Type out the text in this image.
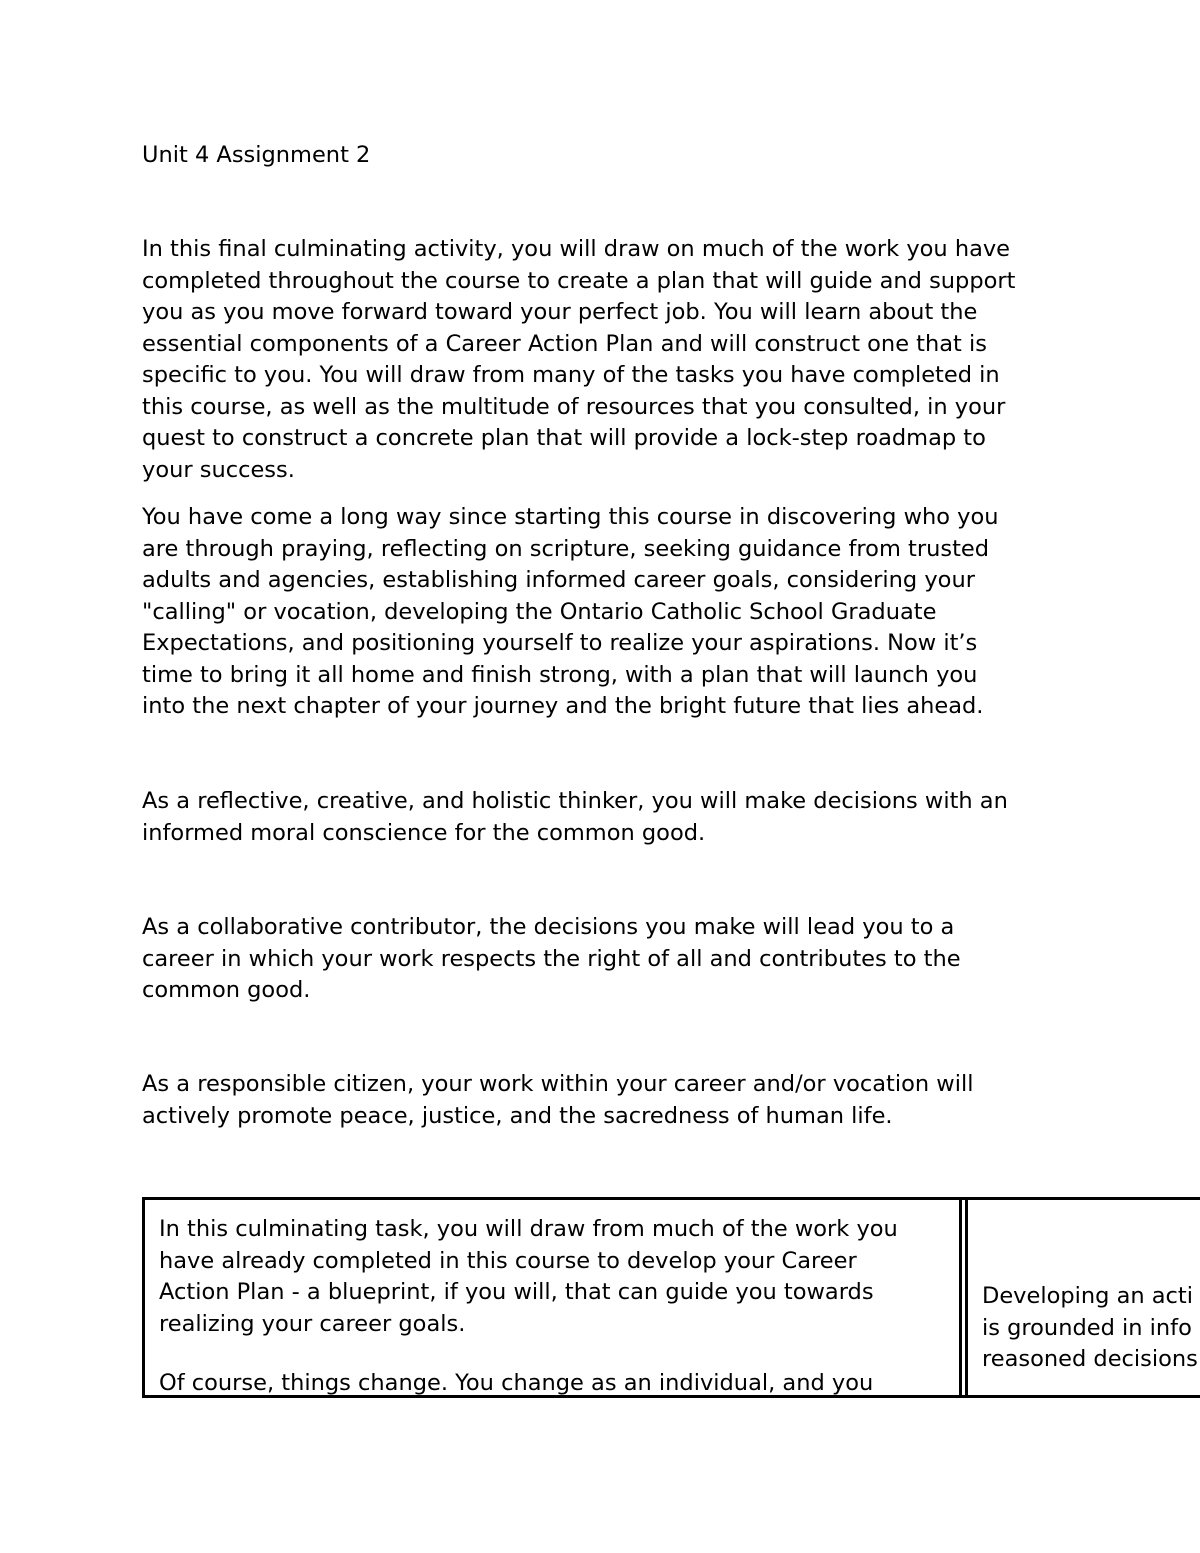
Unit 4 Assignment 2

In this final culminating activity, you will draw on much of the work you have
completed throughout the course to create a plan that will guide and support
you as you move forward toward your perfect job. You will learn about the
essential components of a Career Action Plan and will construct one that is
specific to you. You will draw from many of the tasks you have completed in
this course, as well as the multitude of resources that you consulted, in your
quest to construct a concrete plan that will provide a lock-step roadmap to
your success.

You have come a long way since starting this course in discovering who you
are through praying, reflecting on scripture, seeking guidance from trusted
adults and agencies, establishing informed career goals, considering your
"calling" or vocation, developing the Ontario Catholic School Graduate
Expectations, and positioning yourself to realize your aspirations. Now it’s
time to bring it all home and finish strong, with a plan that will launch you
into the next chapter of your journey and the bright future that lies ahead.

As a reflective, creative, and holistic thinker, you will make decisions with an
informed moral conscience for the common good.

As a collaborative contributor, the decisions you make will lead you to a
career in which your work respects the right of all and contributes to the
common good.

As a responsible citizen, your work within your career and/or vocation will
actively promote peace, justice, and the sacredness of human life.

In this culminating task, you will draw from much of the work you
have already completed in this course to develop your Career
Action Plan - a blueprint, if you will, that can guide you towards
realizing your career goals.

Of course, things change. You change as an individual, and you

Developing an acti
is grounded in info
reasoned decisions
